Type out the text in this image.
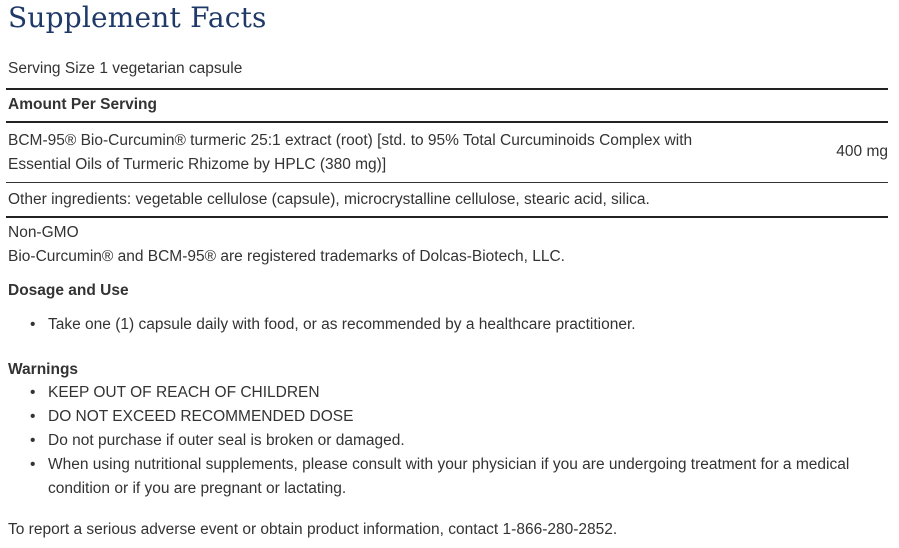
Supplement Facts
Serving Size 1 vegetarian capsule
Amount Per Serving
BCM-95® Bio-Curcumin® turmeric 25:1 extract (root) [std. to 95% Total Curcuminoids Complex with
Essential Oils of Turmeric Rhizome by HPLC (380 mg)]
400 mg
Other ingredients: vegetable cellulose (capsule), microcrystalline cellulose, stearic acid, silica.
Non-GMO
Bio-Curcumin® and BCM-95® are registered trademarks of Dolcas-Biotech, LLC.
Dosage and Use
• Take one (1) capsule daily with food, or as recommended by a healthcare practitioner.
Warnings
• KEEP OUT OF REACH OF CHILDREN
• DO NOT EXCEED RECOMMENDED DOSE
• Do not purchase if outer seal is broken or damaged.
• When using nutritional supplements, please consult with your physician if you are undergoing treatment for a medical condition or if you are pregnant or lactating.
To report a serious adverse event or obtain product information, contact 1-866-280-2852.
